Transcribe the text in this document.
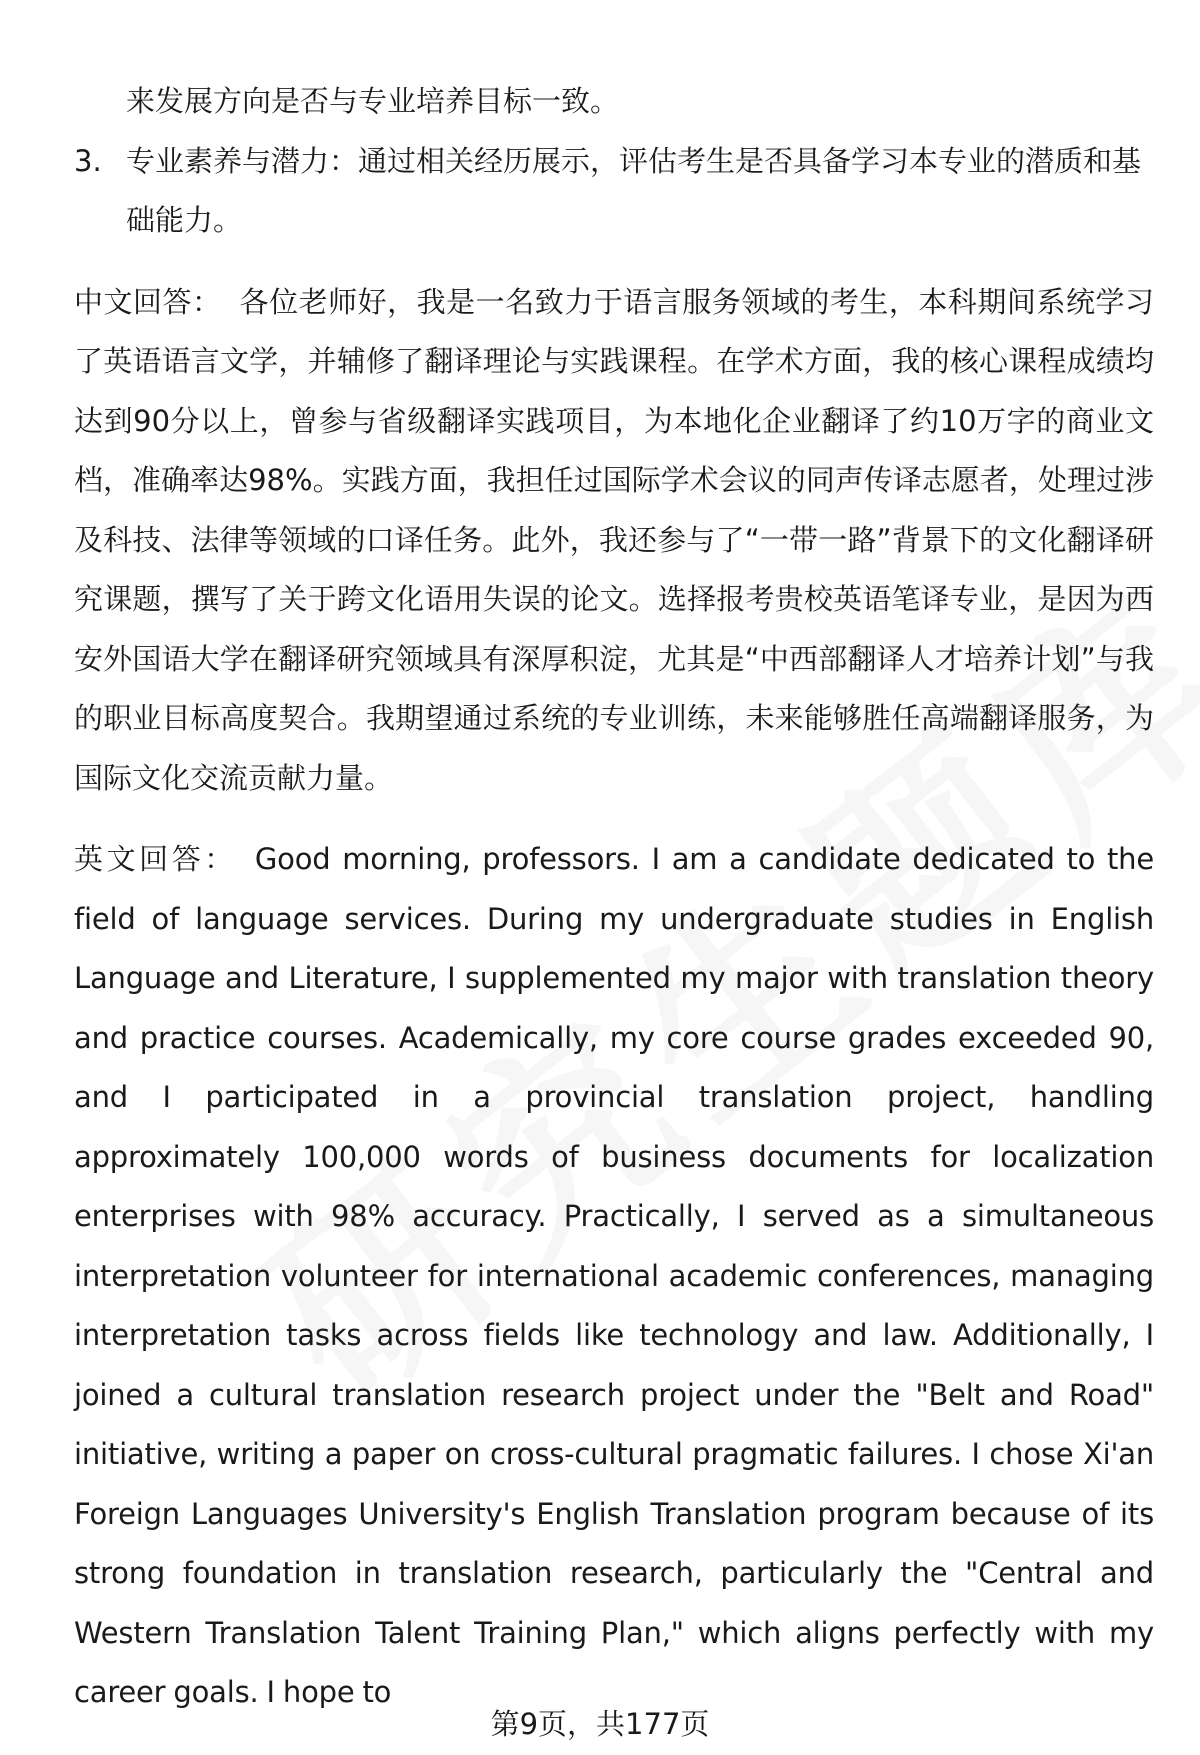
来发展方向是否与专业培养目标一致。

3. 专业素养与潜力：通过相关经历展示，评估考生是否具备学习本专业的潜质和基础能力。

中文回答： 各位老师好，我是一名致力于语言服务领域的考生，本科期间系统学习了英语语言文学，并辅修了翻译理论与实践课程。在学术方面，我的核心课程成绩均达到90分以上，曾参与省级翻译实践项目，为本地化企业翻译了约10万字的商业文档，准确率达98%。实践方面，我担任过国际学术会议的同声传译志愿者，处理过涉及科技、法律等领域的口译任务。此外，我还参与了“一带一路”背景下的文化翻译研究课题，撰写了关于跨文化语用失误的论文。选择报考贵校英语笔译专业，是因为西安外国语大学在翻译研究领域具有深厚积淀，尤其是“中西部翻译人才培养计划”与我的职业目标高度契合。我期望通过系统的专业训练，未来能够胜任高端翻译服务，为国际文化交流贡献力量。

英文回答： Good morning, professors. I am a candidate dedicated to the field of language services. During my undergraduate studies in English Language and Literature, I supplemented my major with translation theory and practice courses. Academically, my core course grades exceeded 90, and I participated in a provincial translation project, handling approximately 100,000 words of business documents for localization enterprises with 98% accuracy. Practically, I served as a simultaneous interpretation volunteer for international academic conferences, managing interpretation tasks across fields like technology and law. Additionally, I joined a cultural translation research project under the "Belt and Road" initiative, writing a paper on cross-cultural pragmatic failures. I chose Xi'an Foreign Languages University's English Translation program because of its strong foundation in translation research, particularly the "Central and Western Translation Talent Training Plan," which aligns perfectly with my career goals. I hope to

第9页，共177页
